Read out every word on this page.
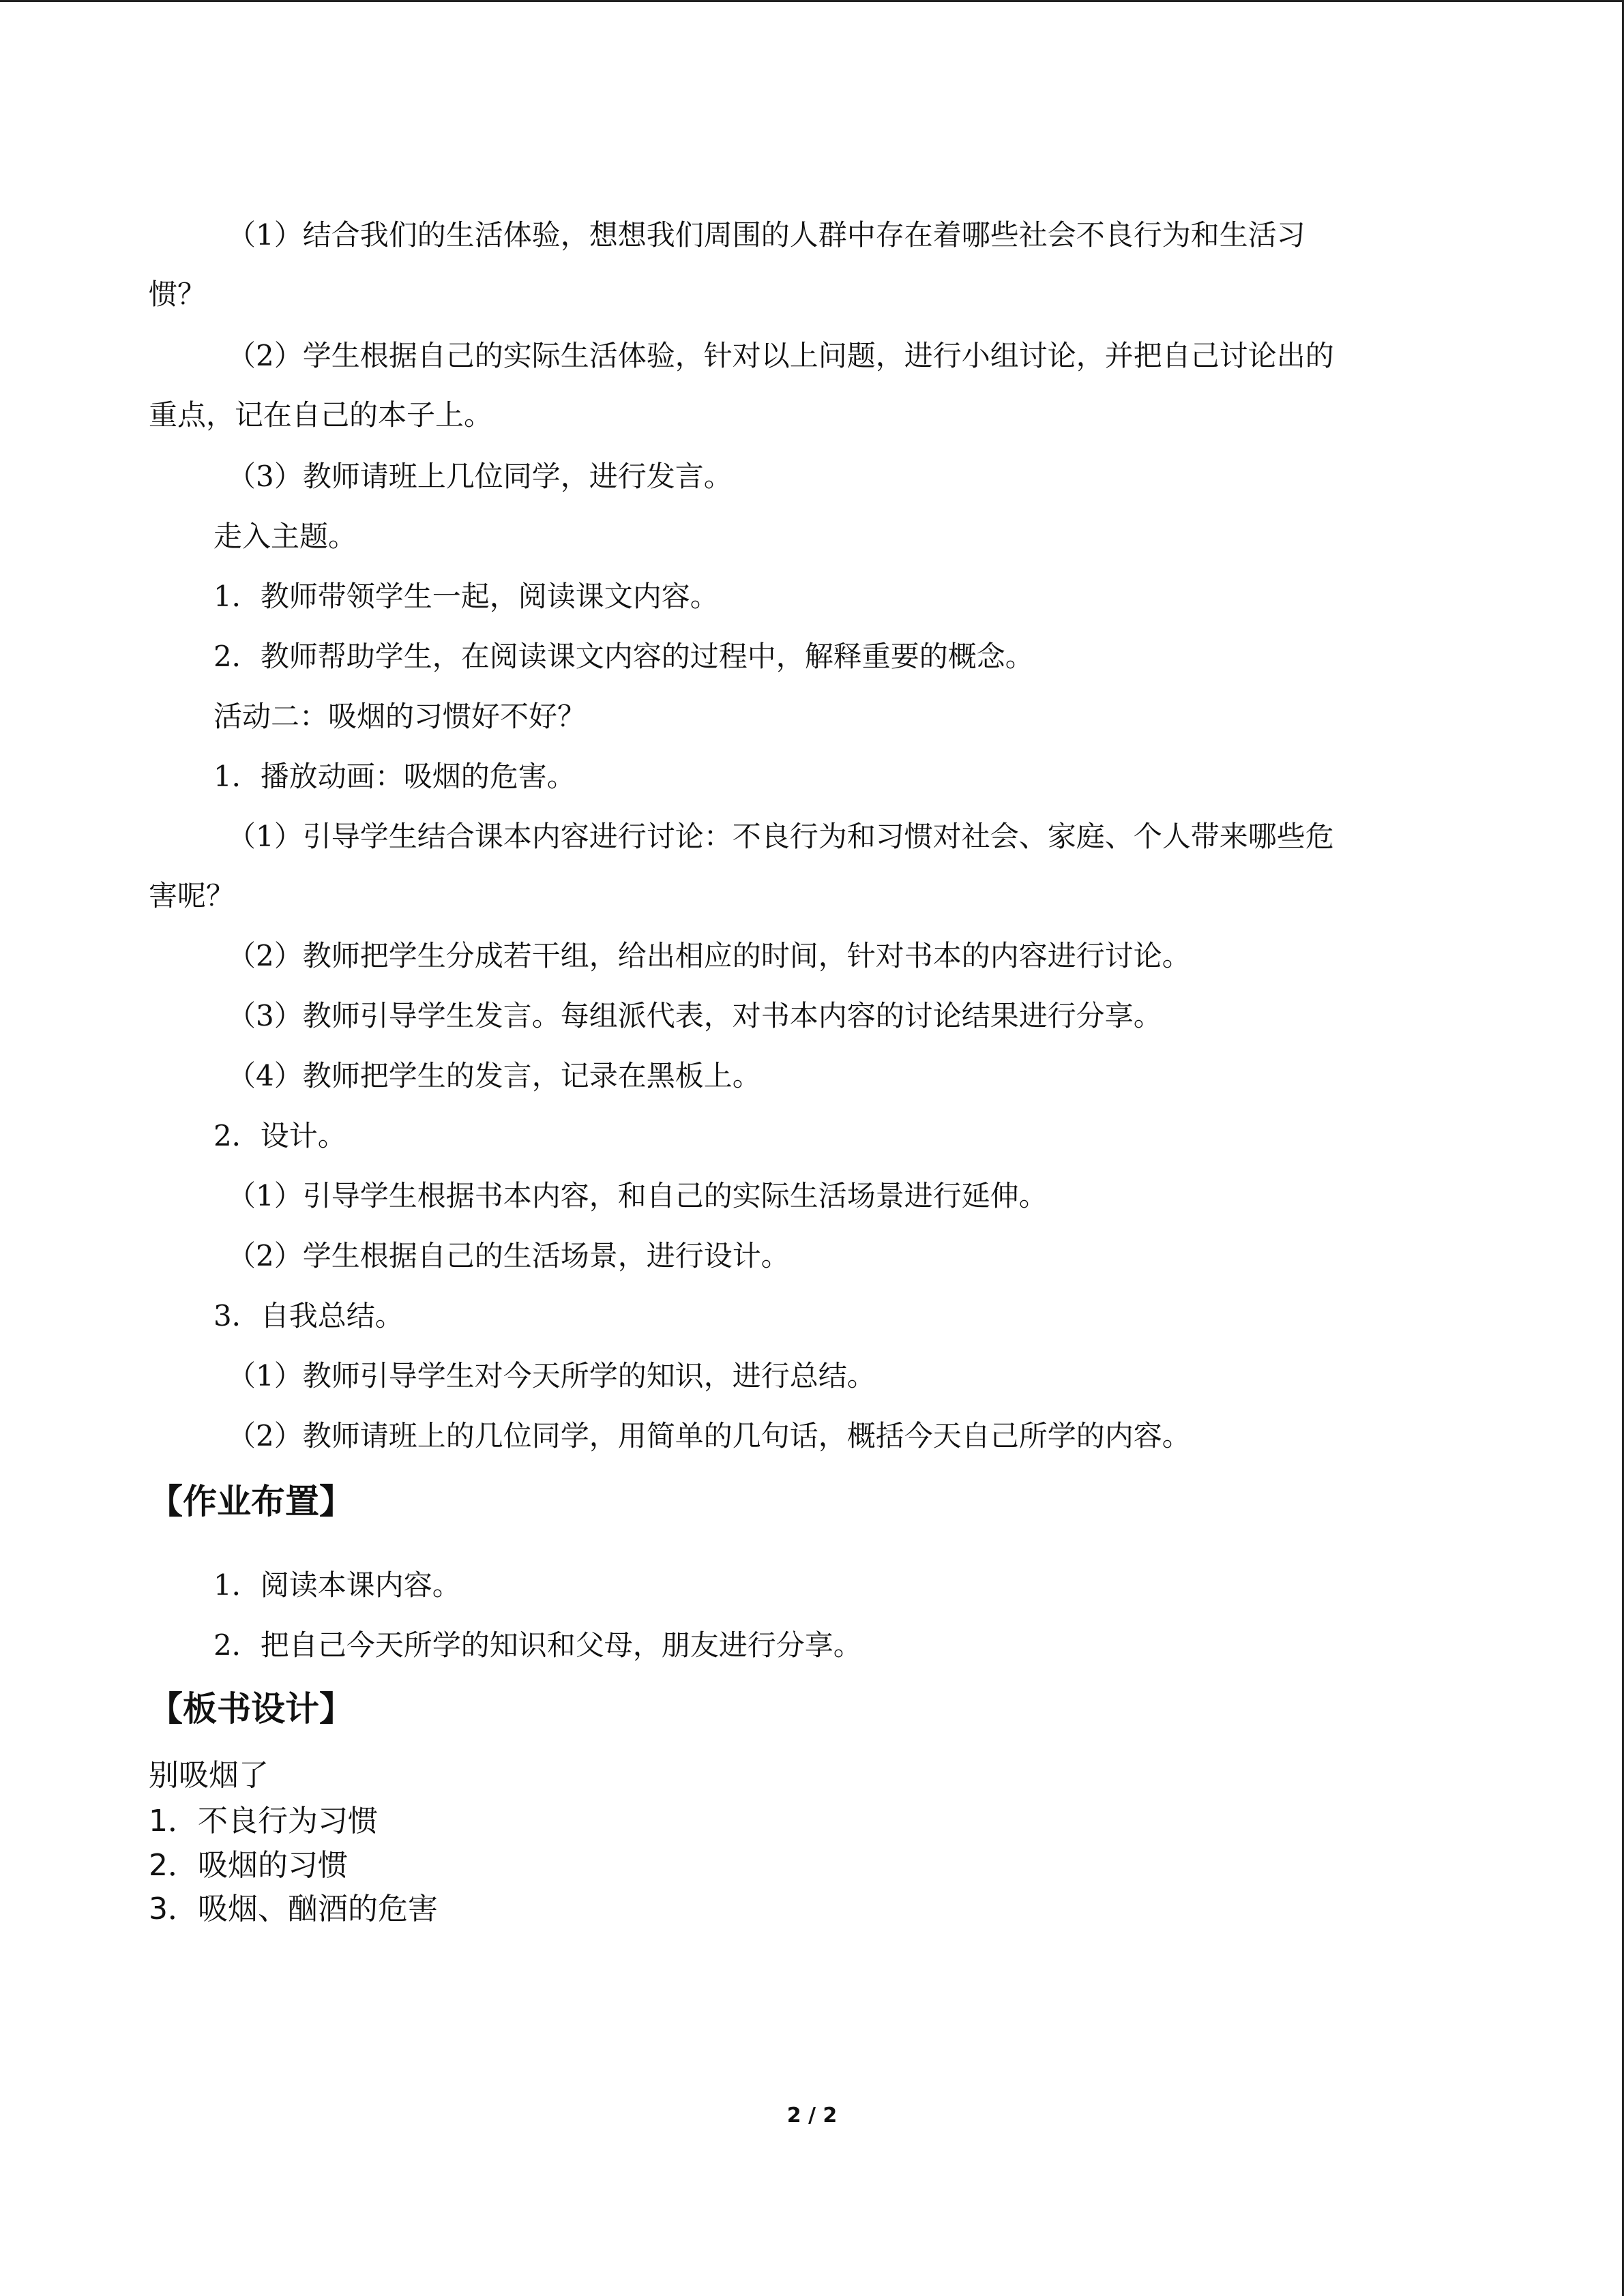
（1）结合我们的生活体验，想想我们周围的人群中存在着哪些社会不良行为和生活习
惯？
（2）学生根据自己的实际生活体验，针对以上问题，进行小组讨论，并把自己讨论出的
重点，记在自己的本子上。
（3）教师请班上几位同学，进行发言。
走入主题。
1．教师带领学生一起，阅读课文内容。
2．教师帮助学生，在阅读课文内容的过程中，解释重要的概念。
活动二：吸烟的习惯好不好？
1．播放动画：吸烟的危害。
（1）引导学生结合课本内容进行讨论：不良行为和习惯对社会、家庭、个人带来哪些危
害呢？
（2）教师把学生分成若干组，给出相应的时间，针对书本的内容进行讨论。
（3）教师引导学生发言。每组派代表，对书本内容的讨论结果进行分享。
（4）教师把学生的发言，记录在黑板上。
2．设计。
（1）引导学生根据书本内容，和自己的实际生活场景进行延伸。
（2）学生根据自己的生活场景，进行设计。
3．自我总结。
（1）教师引导学生对今天所学的知识，进行总结。
（2）教师请班上的几位同学，用简单的几句话，概括今天自己所学的内容。
【作业布置】
1．阅读本课内容。
2．把自己今天所学的知识和父母，朋友进行分享。
【板书设计】
别吸烟了
1．不良行为习惯
2．吸烟的习惯
3．吸烟、酗酒的危害
2 / 2
